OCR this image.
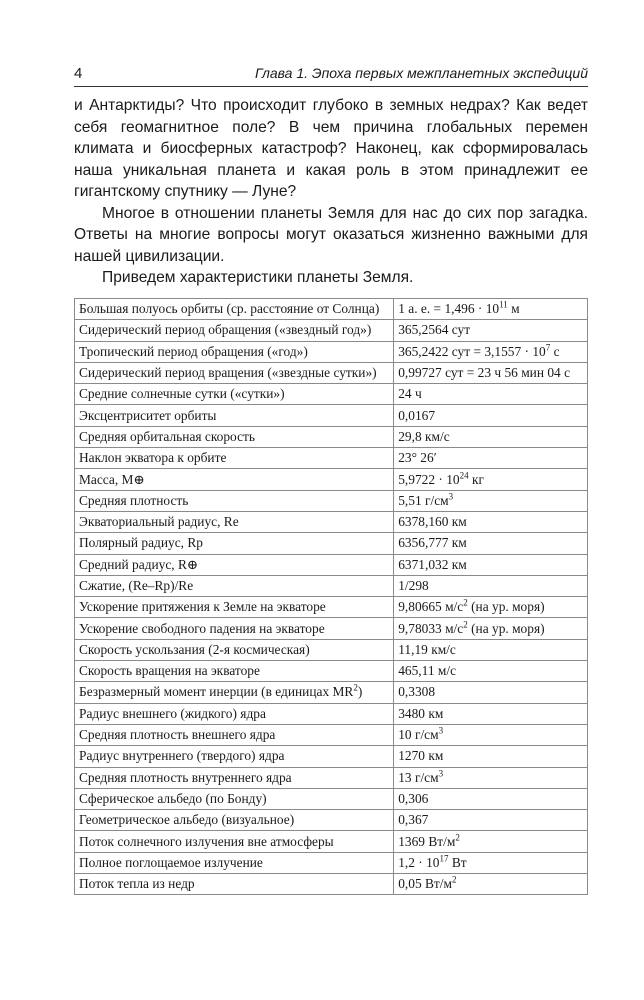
4	Глава 1. Эпоха первых межпланетных экспедиций

и Антарктиды? Что происходит глубоко в земных недрах? Как ведет себя геомагнитное поле? В чем причина глобальных перемен климата и биосферных катастроф? Наконец, как сформировалась наша уникальная планета и какая роль в этом принадлежит ее гигантскому спутнику — Луне?

Многое в отношении планеты Земля для нас до сих пор загадка. Ответы на многие вопросы могут оказаться жизненно важными для нашей цивилизации.

Приведем характеристики планеты Земля.

Большая полуось орбиты (ср. расстояние от Солнца)	1 а. е. = $1,496 \cdot 10^{11}$ м
Сидерический период обращения («звездный год»)	365,2564 сут
Тропический период обращения («год»)	365,2422 сут = $3,1557 \cdot 10^7$ с
Сидерический период вращения («звездные сутки»)	0,99727 сут = 23 ч 56 мин 04 с
Средние солнечные сутки («сутки»)	24 ч
Эксцентриситет орбиты	0,0167
Средняя орбитальная скорость	29,8 км/с
Наклон экватора к орбите	23° 26′
Масса, M⊕	$5,9722 \cdot 10^{24}$ кг
Средняя плотность	5,51 $г/см^3$
Экваториальный радиус, Re	6378,160 км
Полярный радиус, Rp	6356,777 км
Средний радиус, R⊕	6371,032 км
Сжатие, (Re–Rp)/Re	1/298
Ускорение притяжения к Земле на экваторе	9,80665 $м/с^2$ (на ур. моря)
Ускорение свободного падения на экваторе	9,78033 $м/с^2$ (на ур. моря)
Скорость ускользания (2-я космическая)	11,19 км/с
Скорость вращения на экваторе	465,11 м/с
Безразмерный момент инерции (в единицах $MR^2$)	0,3308
Радиус внешнего (жидкого) ядра	3480 км
Средняя плотность внешнего ядра	10 $г/см^3$
Радиус внутреннего (твердого) ядра	1270 км
Средняя плотность внутреннего ядра	13 $г/см^3$
Сферическое альбедо (по Бонду)	0,306
Геометрическое альбедо (визуальное)	0,367
Поток солнечного излучения вне атмосферы	1369 $Вт/м^2$
Полное поглощаемое излучение	$1,2 \cdot 10^{17}$ Вт
Поток тепла из недр	0,05 $Вт/м^2$
